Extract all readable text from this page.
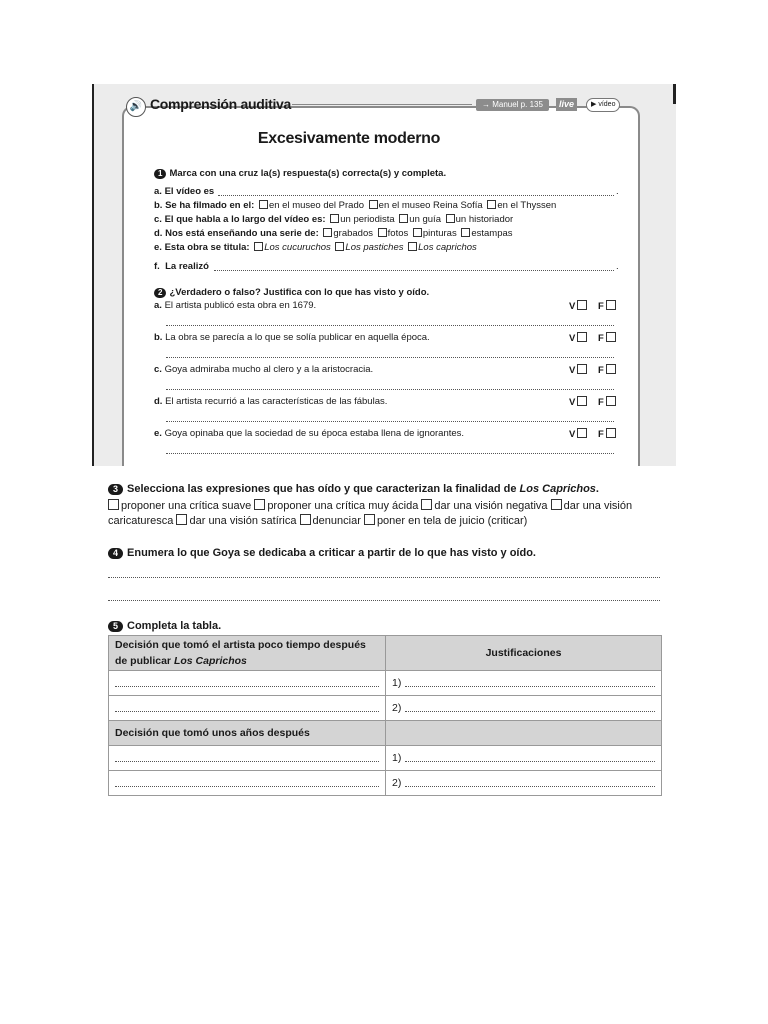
🔊 Comprensión auditiva	→ Manuel p. 135	live	▶ vídeo
Excesivamente moderno
1 Marca con una cruz la(s) respuesta(s) correcta(s) y completa.
a. El vídeo es	.
b. Se ha filmado en el: en el museo del Prado en el museo Reina Sofía en el Thyssen
c. El que habla a lo largo del vídeo es: un periodista un guía un historiador
d. Nos está enseñando una serie de: grabados fotos pinturas estampas
e. Esta obra se titula: Los cucuruchos Los pastiches Los caprichos
f. La realizó	.
2 ¿Verdadero o falso? Justifica con lo que has visto y oído.
a. El artista publicó esta obra en 1679.	V	F
b. La obra se parecía a lo que se solía publicar en aquella época.	V	F
c. Goya admiraba mucho al clero y a la aristocracia.	V	F
d. El artista recurrió a las características de las fábulas.	V	F
e. Goya opinaba que la sociedad de su época estaba llena de ignorantes.	V	F
3 Selecciona las expresiones que has oído y que caracterizan la finalidad de Los Caprichos.
proponer una crítica suave proponer una crítica muy ácida dar una visión negativa dar una visión caricaturesca dar una visión satírica denunciar poner en tela de juicio (criticar)
4 Enumera lo que Goya se dedicaba a criticar a partir de lo que has visto y oído.
5 Completa la tabla.
Decisión que tomó el artista poco tiempo después de publicar Los Caprichos	Justificaciones

	1)

	2)

Decisión que tomó unos años después	

	1)

	2)
